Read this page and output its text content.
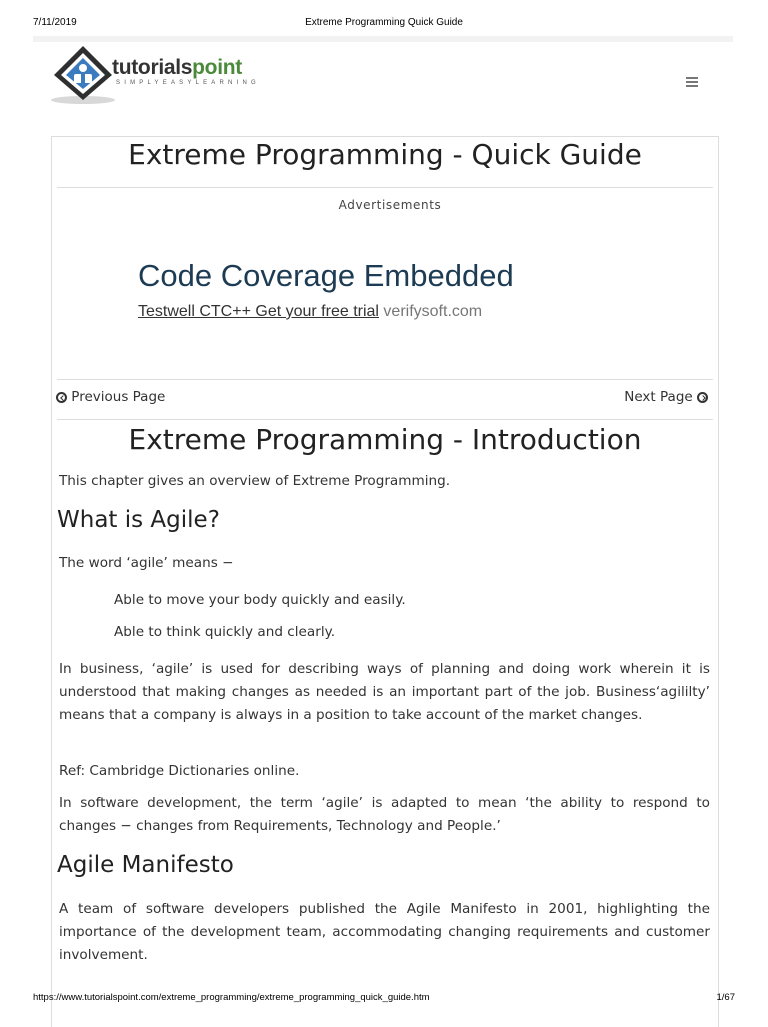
7/11/2019	Extreme Programming Quick Guide
tutorialspoint
SIMPLYEASYLEARNING
Extreme Programming - Quick Guide
Advertisements
Code Coverage Embedded
Testwell CTC++ Get your free trial verifysoft.com
Previous Page	Next Page
Extreme Programming - Introduction
This chapter gives an overview of Extreme Programming.
What is Agile?
The word ‘agile’ means −
Able to move your body quickly and easily.
Able to think quickly and clearly.
In business, ‘agile’ is used for describing ways of planning and doing work wherein it is understood that making changes as needed is an important part of the job. Business‘agililty’ means that a company is always in a position to take account of the market changes.
Ref: Cambridge Dictionaries online.
In software development, the term ‘agile’ is adapted to mean ‘the ability to respond to changes − changes from Requirements, Technology and People.’
Agile Manifesto
A team of software developers published the Agile Manifesto in 2001, highlighting the importance of the development team, accommodating changing requirements and customer involvement.
https://www.tutorialspoint.com/extreme_programming/extreme_programming_quick_guide.htm	1/67
